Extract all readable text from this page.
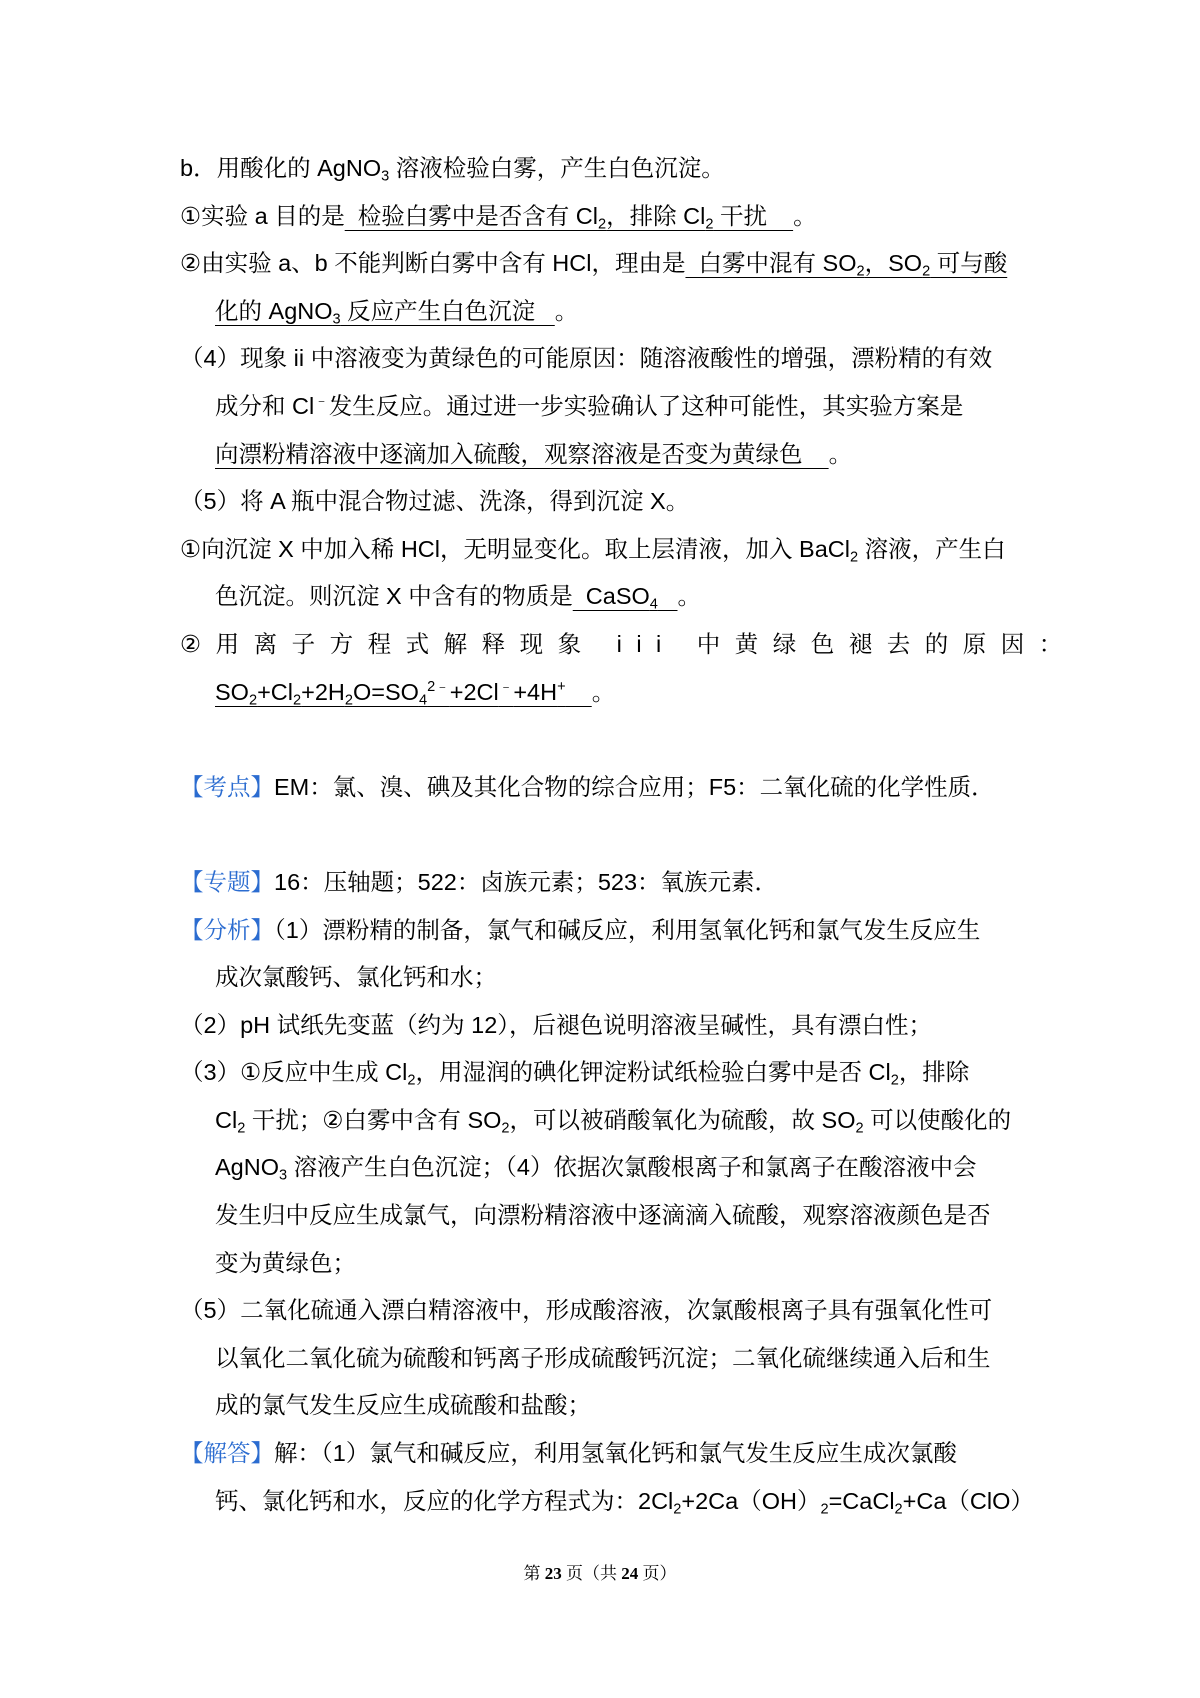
b．用酸化的 AgNO$_3$ 溶液检验白雾，产生白色沉淀。
①实验 a 目的是  检验白雾中是否含有 $Cl_2$，排除 $Cl_2$ 干扰    。
②由实验 a、b 不能判断白雾中含有 HCl，理由是  白雾中混有 $SO_2$，$SO_2$ 可与酸
化的 AgNO$_3$ 反应产生白色沉淀   。
（4）现象 ii 中溶液变为黄绿色的可能原因：随溶液酸性的增强，漂粉精的有效
成分和 Cl﹣发生反应。通过进一步实验确认了这种可能性，其实验方案是
向漂粉精溶液中逐滴加入硫酸，观察溶液是否变为黄绿色    。
（5）将 A 瓶中混合物过滤、洗涤，得到沉淀 X。
①向沉淀 X 中加入稀 HCl，无明显变化。取上层清液，加入 BaCl$_2$ 溶液，产生白
色沉淀。则沉淀 X 中含有的物质是  CaSO$_4$ 。
②用离子方程式解释现象 iii 中黄绿色褪去的原因：
$SO_2+Cl_2+2H_2O=SO_4^{2﹣}+2Cl^﹣+4H^+$ 。
【考点】EM：氯、溴、碘及其化合物的综合应用；F5：二氧化硫的化学性质．
【专题】16：压轴题；522：卤族元素；523：氧族元素．
【分析】（1）漂粉精的制备，氯气和碱反应，利用氢氧化钙和氯气发生反应生
成次氯酸钙、氯化钙和水；
（2）pH 试纸先变蓝（约为 12），后褪色说明溶液呈碱性，具有漂白性；
（3）①反应中生成 $Cl_2$，用湿润的碘化钾淀粉试纸检验白雾中是否 $Cl_2$，排除
$Cl_2$ 干扰；②白雾中含有 $SO_2$，可以被硝酸氧化为硫酸，故 $SO_2$ 可以使酸化的
AgNO$_3$ 溶液产生白色沉淀；（4）依据次氯酸根离子和氯离子在酸溶液中会
发生归中反应生成氯气，向漂粉精溶液中逐滴滴入硫酸，观察溶液颜色是否
变为黄绿色；
（5）二氧化硫通入漂白精溶液中，形成酸溶液，次氯酸根离子具有强氧化性可
以氧化二氧化硫为硫酸和钙离子形成硫酸钙沉淀；二氧化硫继续通入后和生
成的氯气发生反应生成硫酸和盐酸；
【解答】解：（1）氯气和碱反应，利用氢氧化钙和氯气发生反应生成次氯酸
钙、氯化钙和水，反应的化学方程式为：$2Cl_2+2Ca(OH)_2=CaCl_2+Ca(ClO)$
第 23 页（共 24 页）
